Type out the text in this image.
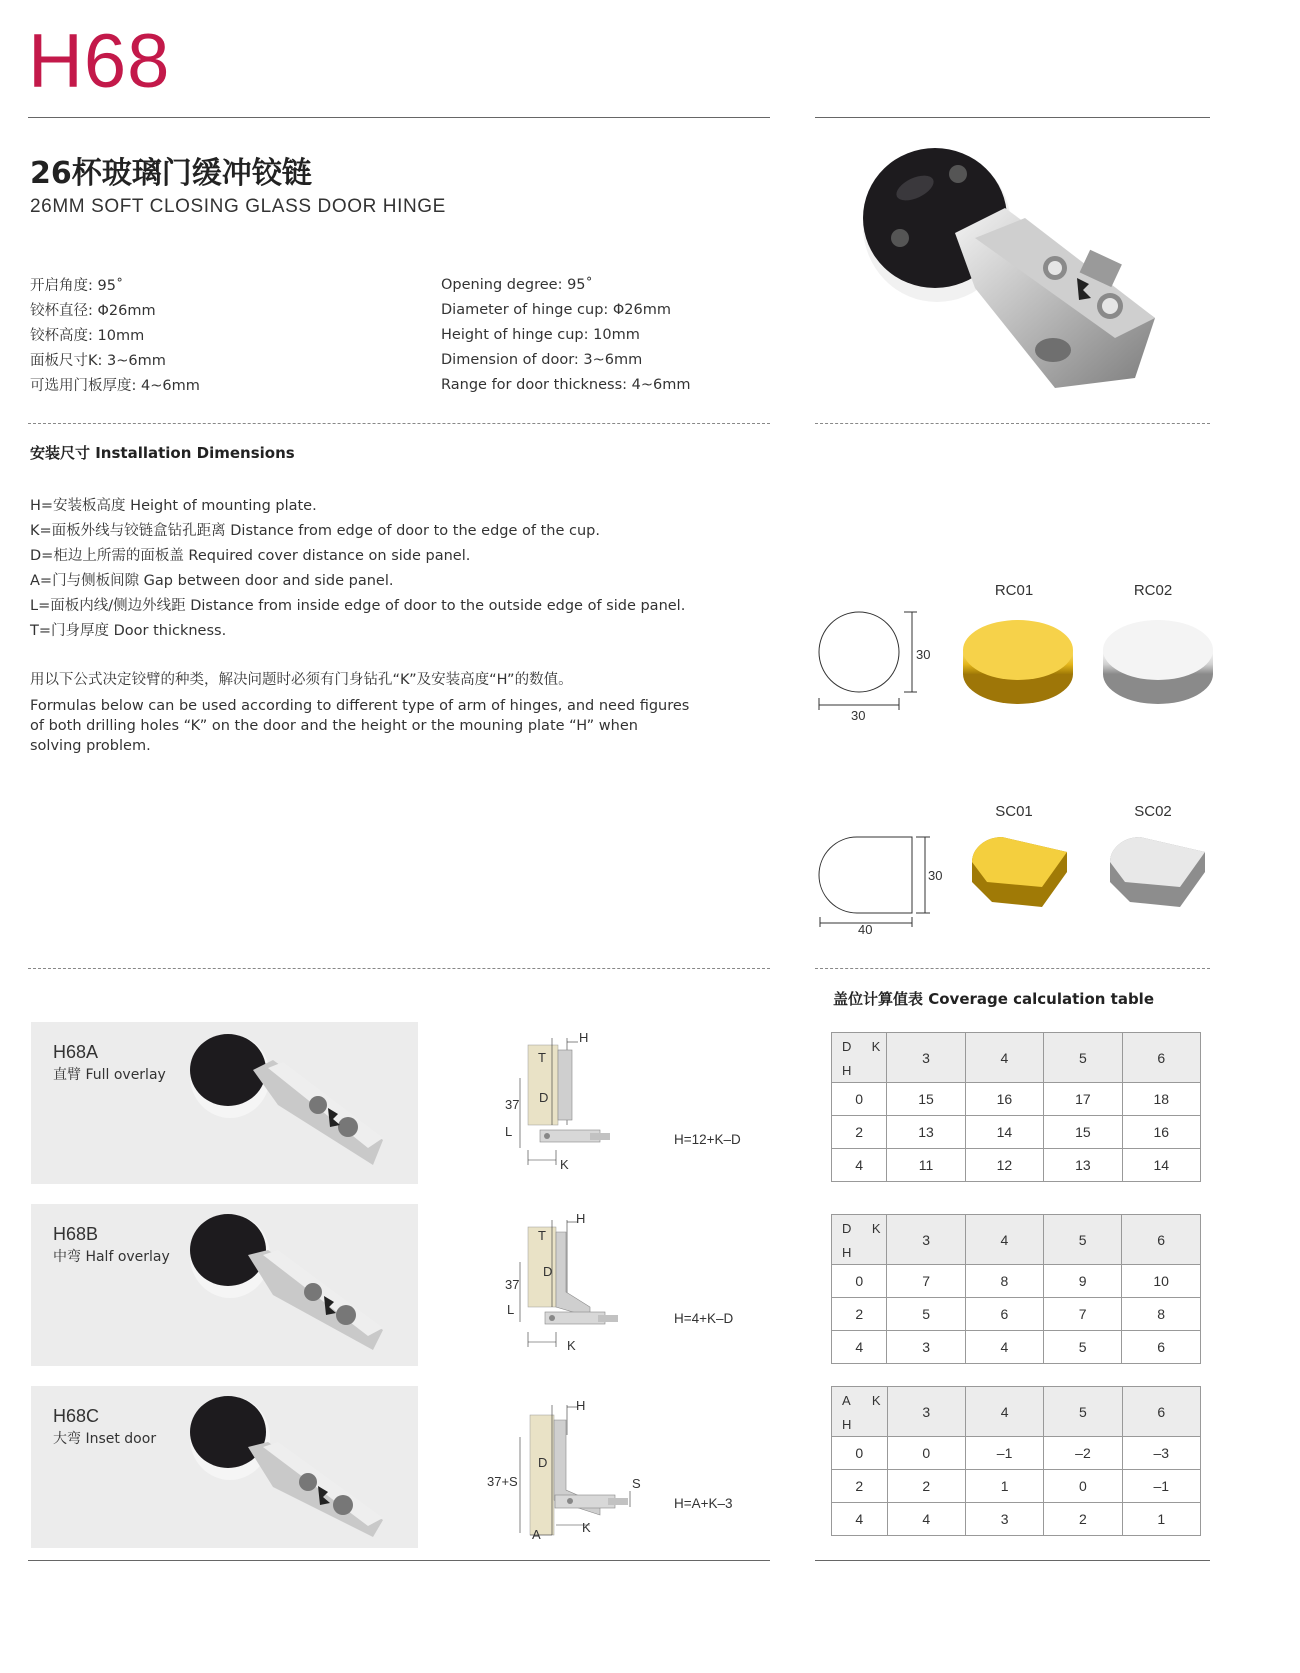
H68
26杯玻璃门缓冲铰链
26MM SOFT CLOSING GLASS DOOR HINGE
开启角度: 95˚
铰杯直径: Φ26mm
铰杯高度: 10mm
面板尺寸K: 3~6mm
可选用门板厚度: 4~6mm
Opening degree: 95˚
Diameter of hinge cup: Φ26mm
Height of hinge cup: 10mm
Dimension of door: 3~6mm
Range for door thickness: 4~6mm
安装尺寸 Installation Dimensions
H=安装板高度 Height of mounting plate.
K=面板外线与铰链盒钻孔距离 Distance from edge of door to the edge of the cup.
D=柜边上所需的面板盖 Required cover distance on side panel.
A=门与侧板间隙 Gap between door and side panel.
L=面板内线/侧边外线距 Distance from inside edge of door to the outside edge of side panel.
T=门身厚度 Door thickness.
用以下公式决定铰臂的种类，解决问题时必须有门身钻孔“K”及安装高度“H”的数值。
Formulas below can be used according to different type of arm of hinges, and need figures of both drilling holes “K” on the door and the height or the mouning plate “H” when solving problem.
30
30
RC01	RC02
30
40
SC01	SC02
盖位计算值表 Coverage calculation table
H68A
直臂 Full overlay
H
T
D
37
L
K
H=12+K–D
H68B
中弯 Half overlay
H
T
D
37
L
K
H=4+K–D
H68C
大弯 Inset door
H
D
37+S	S
A	K
H=A+K–3
D K
H	3	4	5	6
0	15	16	17	18
2	13	14	15	16
4	11	12	13	14
D K
H	3	4	5	6
0	7	8	9	10
2	5	6	7	8
4	3	4	5	6
A K
H	3	4	5	6
0	0	–1	–2	–3
2	2	1	0	–1
4	4	3	2	1
